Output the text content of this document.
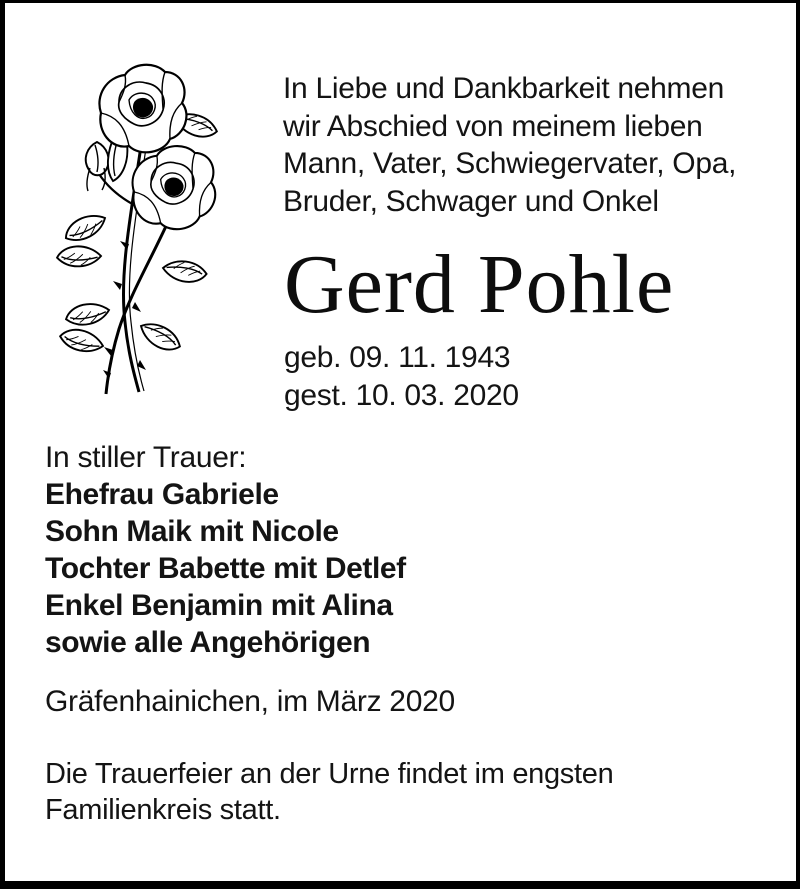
In Liebe und Dankbarkeit nehmen
wir Abschied von meinem lieben
Mann, Vater, Schwiegervater, Opa,
Bruder, Schwager und Onkel
Gerd Pohle
geb. 09. 11. 1943
gest. 10. 03. 2020
In stiller Trauer:
Ehefrau Gabriele
Sohn Maik mit Nicole
Tochter Babette mit Detlef
Enkel Benjamin mit Alina
sowie alle Angehörigen
Gräfenhainichen, im März 2020
Die Trauerfeier an der Urne findet im engsten
Familienkreis statt.
